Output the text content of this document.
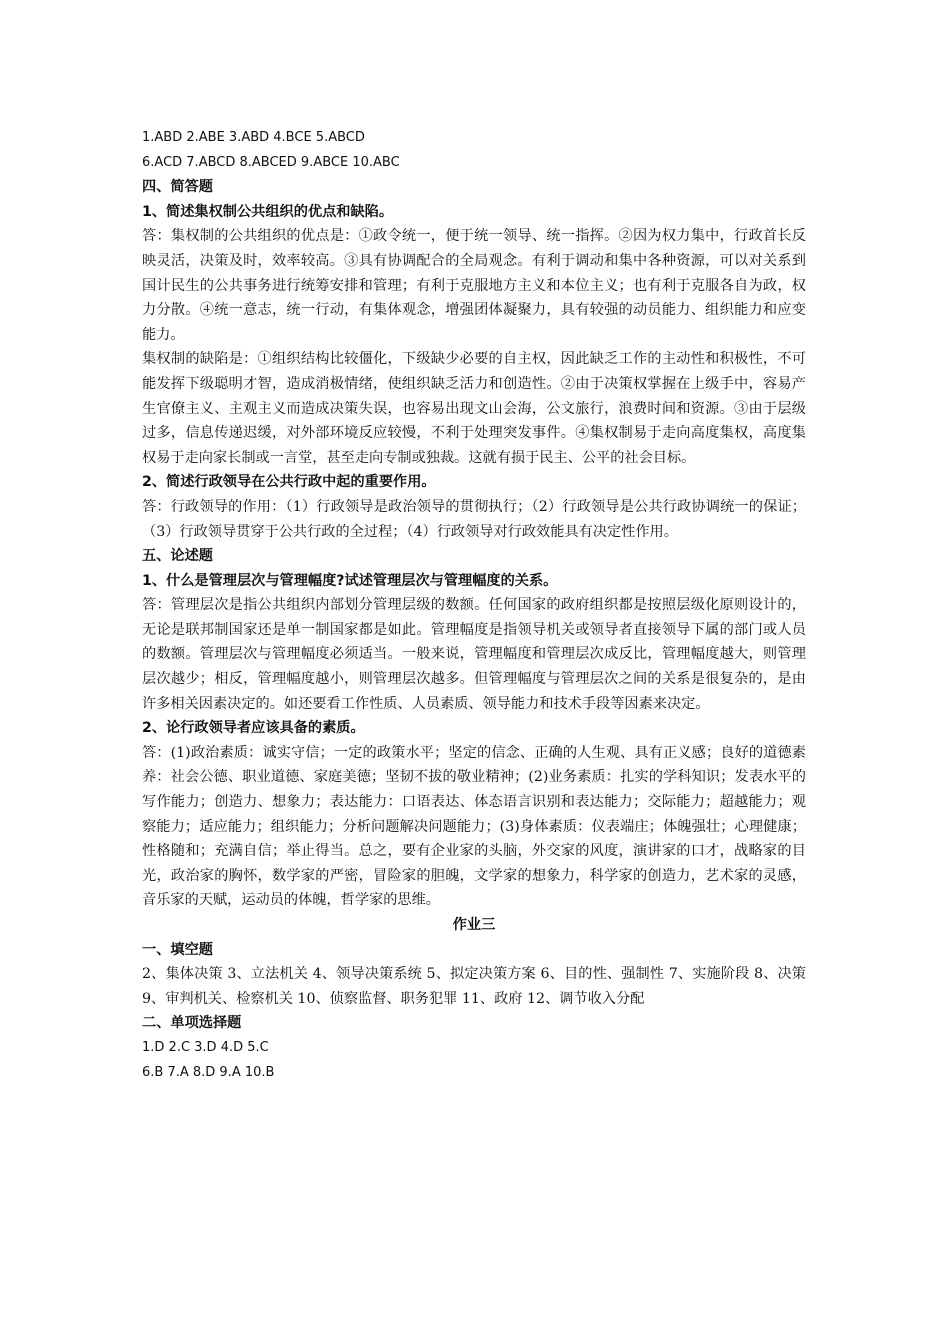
1.ABD 2.ABE 3.ABD 4.BCE 5.ABCD
6.ACD 7.ABCD 8.ABCED 9.ABCE 10.ABC
四、简答题
1、简述集权制公共组织的优点和缺陷。
答：集权制的公共组织的优点是：①政令统一，便于统一领导、统一指挥。②因为权力集中，行政首长反映灵活，决策及时，效率较高。③具有协调配合的全局观念。有利于调动和集中各种资源，可以对关系到国计民生的公共事务进行统筹安排和管理；有利于克服地方主义和本位主义；也有利于克服各自为政，权力分散。④统一意志，统一行动，有集体观念，增强团体凝聚力，具有较强的动员能力、组织能力和应变能力。
集权制的缺陷是：①组织结构比较僵化，下级缺少必要的自主权，因此缺乏工作的主动性和积极性，不可能发挥下级聪明才智，造成消极情绪，使组织缺乏活力和创造性。②由于决策权掌握在上级手中，容易产生官僚主义、主观主义而造成决策失误，也容易出现文山会海，公文旅行，浪费时间和资源。③由于层级过多，信息传递迟缓，对外部环境反应较慢，不利于处理突发事件。④集权制易于走向高度集权，高度集权易于走向家长制或一言堂，甚至走向专制或独裁。这就有损于民主、公平的社会目标。
2、简述行政领导在公共行政中起的重要作用。
答：行政领导的作用：（1）行政领导是政治领导的贯彻执行；（2）行政领导是公共行政协调统一的保证；（3）行政领导贯穿于公共行政的全过程；（4）行政领导对行政效能具有决定性作用。
五、论述题
1、什么是管理层次与管理幅度?试述管理层次与管理幅度的关系。
答：管理层次是指公共组织内部划分管理层级的数额。任何国家的政府组织都是按照层级化原则设计的，无论是联邦制国家还是单一制国家都是如此。管理幅度是指领导机关或领导者直接领导下属的部门或人员的数额。管理层次与管理幅度必须适当。一般来说，管理幅度和管理层次成反比，管理幅度越大，则管理层次越少；相反，管理幅度越小，则管理层次越多。但管理幅度与管理层次之间的关系是很复杂的，是由许多相关因素决定的。如还要看工作性质、人员素质、领导能力和技术手段等因素来决定。
2、论行政领导者应该具备的素质。
答：(1)政治素质：诚实守信；一定的政策水平；坚定的信念、正确的人生观、具有正义感；良好的道德素养：社会公德、职业道德、家庭美德；坚韧不拔的敬业精神；(2)业务素质：扎实的学科知识；发表水平的写作能力；创造力、想象力；表达能力：口语表达、体态语言识别和表达能力；交际能力；超越能力；观察能力；适应能力；组织能力；分析问题解决问题能力；(3)身体素质：仪表端庄；体魄强壮；心理健康；性格随和；充满自信；举止得当。总之，要有企业家的头脑，外交家的风度，演讲家的口才，战略家的目光，政治家的胸怀，数学家的严密，冒险家的胆魄，文学家的想象力，科学家的创造力，艺术家的灵感，音乐家的天赋，运动员的体魄，哲学家的思维。
作业三
一、填空题
2、集体决策 3、立法机关 4、领导决策系统 5、拟定决策方案 6、目的性、强制性 7、实施阶段 8、决策 9、审判机关、检察机关 10、侦察监督、职务犯罪 11、政府 12、调节收入分配
二、单项选择题
1.D 2.C 3.D 4.D 5.C
6.B 7.A 8.D 9.A 10.B
